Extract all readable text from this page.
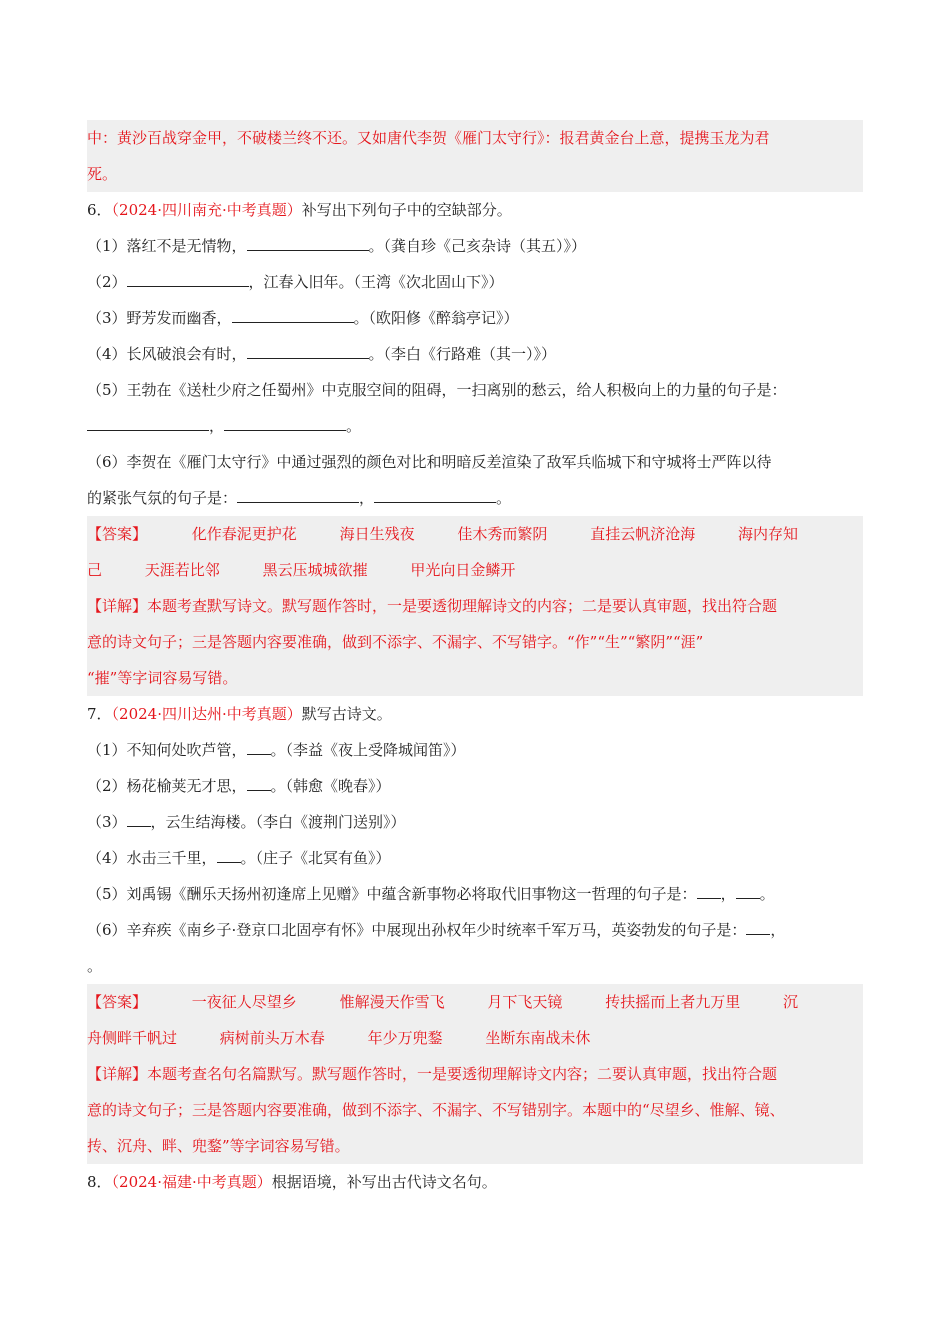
中：黄沙百战穿金甲，不破楼兰终不还。又如唐代李贺《雁门太守行》：报君黄金台上意，提携玉龙为君
死。
6．（2024·四川南充·中考真题）补写出下列句子中的空缺部分。
（1）落红不是无情物，	。（龚自珍《己亥杂诗（其五）》）
（2）	，江春入旧年。（王湾《次北固山下》）
（3）野芳发而幽香，	。（欧阳修《醉翁亭记》）
（4）长风破浪会有时，	。（李白《行路难（其一）》）
（5）王勃在《送杜少府之任蜀州》中克服空间的阻碍，一扫离别的愁云，给人积极向上的力量的句子是：
，	。
（6）李贺在《雁门太守行》中通过强烈的颜色对比和明暗反差渲染了敌军兵临城下和守城将士严阵以待
的紧张气氛的句子是：	，	。
【答案】	化作春泥更护花	海日生残夜	佳木秀而繁阴	直挂云帆济沧海	海内存知
己	天涯若比邻	黑云压城城欲摧	甲光向日金鳞开
【详解】本题考查默写诗文。默写题作答时，一是要透彻理解诗文的内容；二是要认真审题，找出符合题
意的诗文句子；三是答题内容要准确，做到不添字、不漏字、不写错字。“作”“生”“繁阴”“涯”
“摧”等字词容易写错。
7．（2024·四川达州·中考真题）默写古诗文。
（1）不知何处吹芦管， 。（李益《夜上受降城闻笛》）
（2）杨花榆荚无才思， 。（韩愈《晚春》）
（3） ，云生结海楼。（李白《渡荆门送别》）
（4）水击三千里， 。（庄子《北冥有鱼》）
（5）刘禹锡《酬乐天扬州初逢席上见赠》中蕴含新事物必将取代旧事物这一哲理的句子是： ， 。
（6）辛弃疾《南乡子·登京口北固亭有怀》中展现出孙权年少时统率千军万马，英姿勃发的句子是： ，
。
【答案】	一夜征人尽望乡	惟解漫天作雪飞	月下飞天镜	抟扶摇而上者九万里	沉
舟侧畔千帆过	病树前头万木春	年少万兜鍪	坐断东南战未休
【详解】本题考查名句名篇默写。默写题作答时，一是要透彻理解诗文内容；二要认真审题，找出符合题
意的诗文句子；三是答题内容要准确，做到不添字、不漏字、不写错别字。本题中的“尽望乡、惟解、镜、
抟、沉舟、畔、兜鍪”等字词容易写错。
8．（2024·福建·中考真题）根据语境，补写出古代诗文名句。
